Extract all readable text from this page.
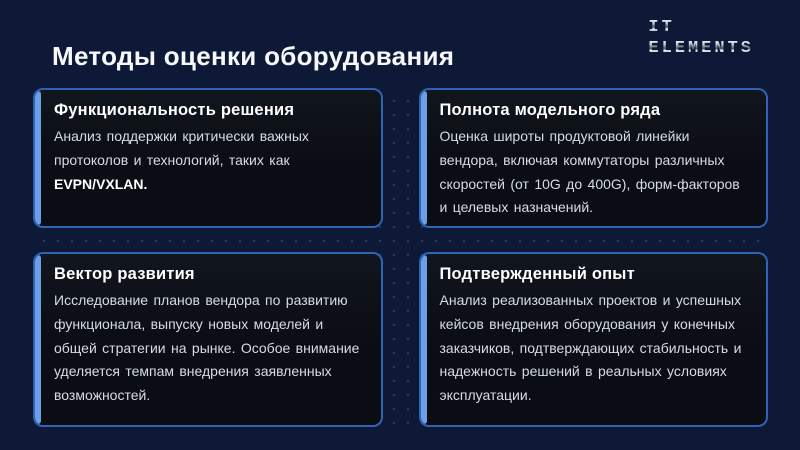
Методы оценки оборудования
IT
ELEMENTS
Функциональность решения

Анализ поддержки критически важных протоколов и технологий, таких как EVPN/VXLAN.

Полнота модельного ряда

Оценка широты продуктовой линейки вендора, включая коммутаторы различных скоростей (от 10G до 400G), форм-факторов и целевых назначений.

Вектор развития

Исследование планов вендора по развитию функционала, выпуску новых моделей и общей стратегии на рынке. Особое внимание уделяется темпам внедрения заявленных возможностей.

Подтвержденный опыт

Анализ реализованных проектов и успешных кейсов внедрения оборудования у конечных заказчиков, подтверждающих стабильность и надежность решений в реальных условиях эксплуатации.
